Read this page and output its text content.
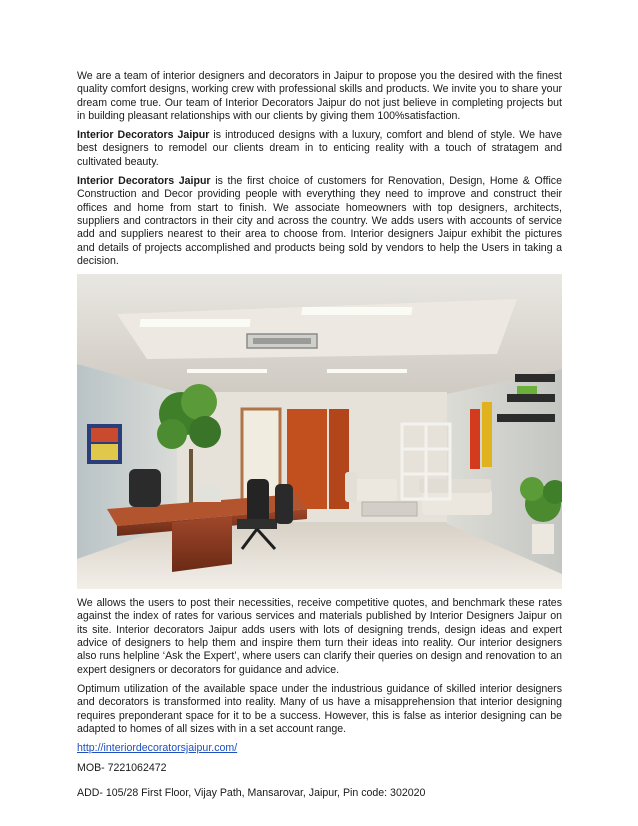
We are a team of interior designers and decorators in Jaipur to propose you the desired with the finest quality comfort designs, working crew with professional skills and products. We invite you to share your dream come true. Our team of Interior Decorators Jaipur do not just believe in completing projects but in building pleasant relationships with our clients by giving them 100%satisfaction.

Interior Decorators Jaipur is introduced designs with a luxury, comfort and blend of style. We have best designers to remodel our clients dream in to enticing reality with a touch of stratagem and cultivated beauty.

Interior Decorators Jaipur is the first choice of customers for Renovation, Design, Home & Office Construction and Decor providing people with everything they need to improve and construct their offices and home from start to finish. We associate homeowners with top designers, architects, suppliers and contractors in their city and across the country. We adds users with accounts of service add and suppliers nearest to their area to choose from. Interior designers Jaipur exhibit the pictures and details of projects accomplished and products being sold by vendors to help the Users in taking a decision.

We allows the users to post their necessities, receive competitive quotes, and benchmark these rates against the index of rates for various services and materials published by Interior Designers Jaipur on its site. Interior decorators Jaipur adds users with lots of designing trends, design ideas and expert advice of designers to help them and inspire them turn their ideas into reality. Our interior designers also runs helpline ‘Ask the Expert’, where users can clarify their queries on design and renovation to an expert designers or decorators for guidance and advice.

Optimum utilization of the available space under the industrious guidance of skilled interior designers and decorators is transformed into reality. Many of us have a misapprehension that interior designing requires preponderant space for it to be a success. However, this is false as interior designing can be adapted to homes of all sizes with in a set account range.

http://interiordecoratorsjaipur.com/
MOB- 7221062472
ADD- 105/28 First Floor, Vijay Path, Mansarovar, Jaipur, Pin code: 302020
